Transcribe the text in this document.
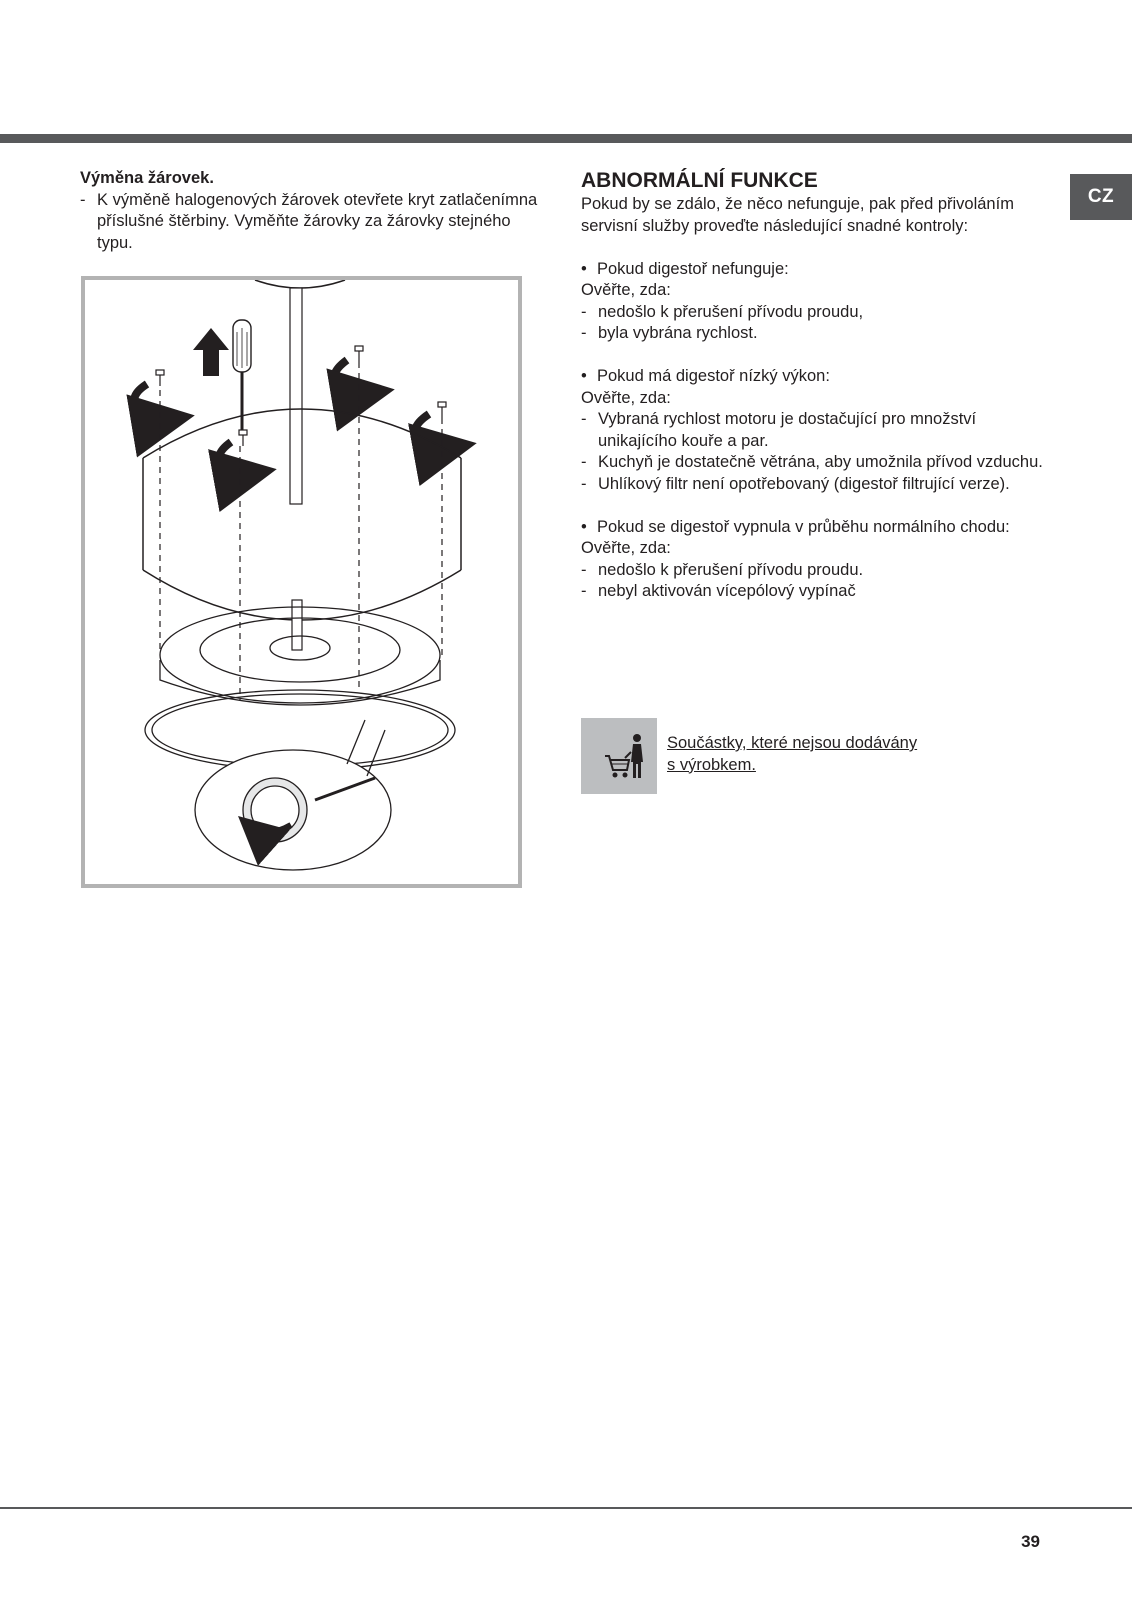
CZ
Výměna žárovek.
- K výměně halogenových žárovek otevřete kryt zatlačenímna příslušné štěrbiny. Vyměňte žárovky za žárovky stejného typu.
ABNORMÁLNÍ FUNKCE
Pokud by se zdálo, že něco nefunguje, pak před přivoláním servisní služby proveďte následující snadné kontroly:
• Pokud digestoř nefunguje:
Ověřte, zda:
- nedošlo k přerušení přívodu proudu,
- byla vybrána rychlost.
• Pokud má digestoř nízký výkon:
Ověřte, zda:
- Vybraná rychlost motoru je dostačující pro množství unikajícího kouře a par.
- Kuchyň je dostatečně větrána, aby umožnila přívod vzduchu.
- Uhlíkový filtr není opotřebovaný (digestoř filtrující verze).
• Pokud se digestoř vypnula v průběhu normálního chodu:
Ověřte, zda:
- nedošlo k přerušení přívodu proudu.
- nebyl aktivován vícepólový vypínač
Součástky, které nejsou dodávány
s výrobkem.
39
